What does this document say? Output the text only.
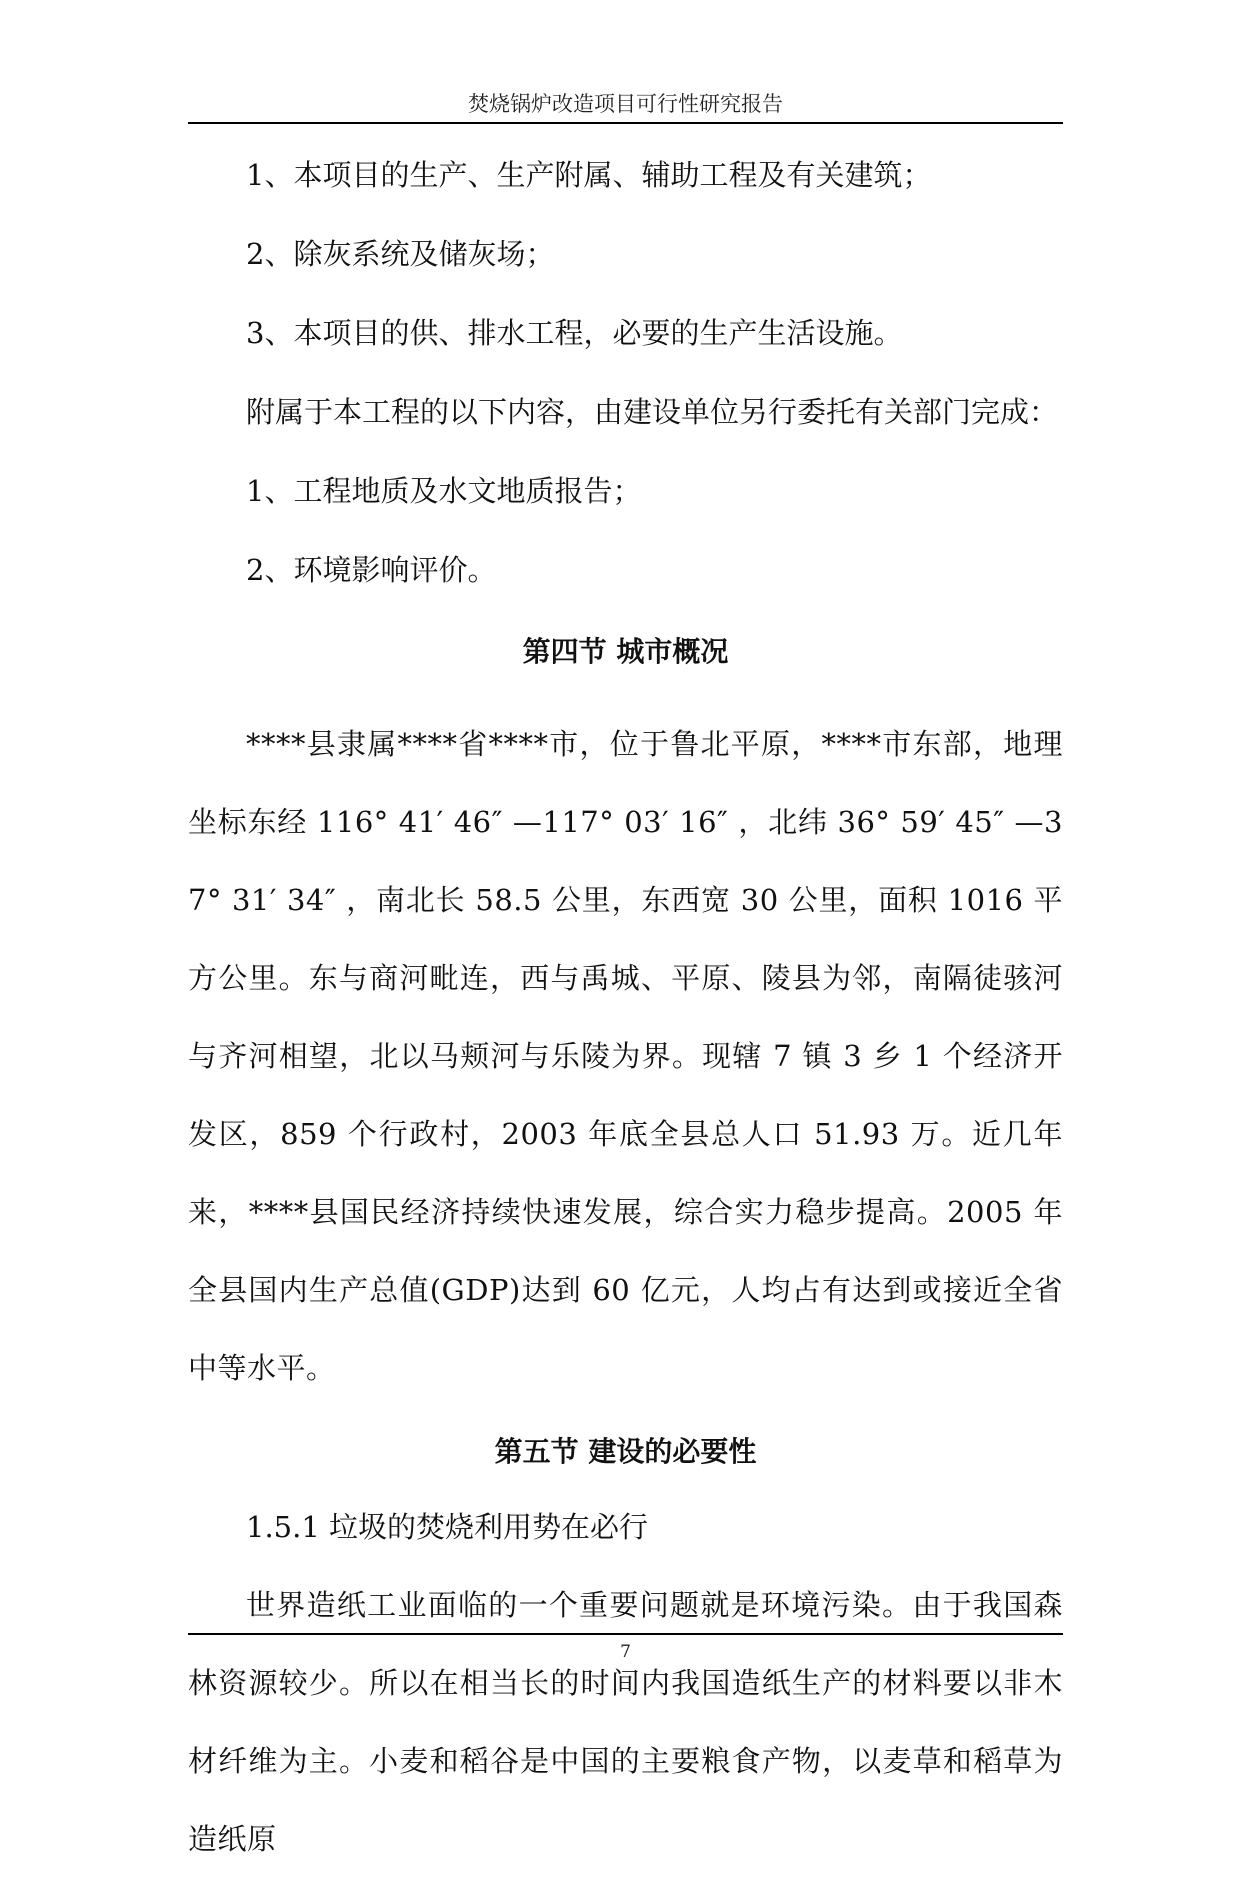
焚烧锅炉改造项目可行性研究报告

1、本项目的生产、生产附属、辅助工程及有关建筑；

2、除灰系统及储灰场；

3、本项目的供、排水工程，必要的生产生活设施。

附属于本工程的以下内容，由建设单位另行委托有关部门完成：

1、工程地质及水文地质报告；

2、环境影响评价。

第四节 城市概况

****县隶属****省****市，位于鲁北平原，****市东部，地理坐标东经 116° 41′ 46″ —117° 03′ 16″ ，北纬 36° 59′ 45″ —37° 31′ 34″ ，南北长 58.5 公里，东西宽 30 公里，面积 1016 平方公里。东与商河毗连，西与禹城、平原、陵县为邻，南隔徒骇河与齐河相望，北以马颊河与乐陵为界。现辖 7 镇 3 乡 1 个经济开发区，859 个行政村，2003 年底全县总人口 51.93 万。近几年来，****县国民经济持续快速发展，综合实力稳步提高。2005 年全县国内生产总值(GDP)达到 60 亿元，人均占有达到或接近全省中等水平。

第五节 建设的必要性

1.5.1 垃圾的焚烧利用势在必行

世界造纸工业面临的一个重要问题就是环境污染。由于我国森林资源较少。所以在相当长的时间内我国造纸生产的材料要以非木材纤维为主。小麦和稻谷是中国的主要粮食产物，以麦草和稻草为造纸原

7
